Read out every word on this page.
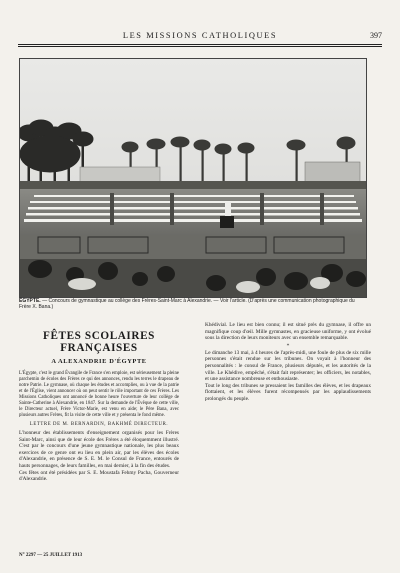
LES MISSIONS CATHOLIQUES	397
ÉGYPTE. — Concours de gymnastique au collège des Frères-Saint-Marc à Alexandrie. — Voir l'article. (D'après une communication photographique du Frère X. Bana.)
FÊTES SCOLAIRES FRANÇAISES
A ALEXANDRIE D'ÉGYPTE

L'Égypte, c'est le grand Évangile de France s'en emploie, est sérieusement la pleine parchemin de écoles des Frères ce qui des annonces, rendu les terres le drapeau de notre Patrie. Le gymnase, où chaque les études et accomplies, ou à vue de la patrie et de l'Église, vient annoncer où on peut sentir le rôle important de ces Frères. Les Missions Catholiques ont annoncé de bonne heure l'ouverture de leur collège de Sainte-Catherine à Alexandrie, en 1847. Sur la demande de l'Évêque de cette ville, le Directeur actuel, Frère Victor-Marie, est venu en aide; le Père Bana, avec plusieurs autres Frères, fit la visite de cette ville et y présenta le fond même.

LETTRE DE M. BERNARDIN, BAKHMÉ DIRECTEUR.

L'honneur des établissements d'enseignement organisés pour les Frères Saint-Marc, ainsi que de leur école des Frères a été éloquemment illustré. C'est par le concours d'une jeune gymnastique nationale, les plus beaux exercices de ce genre ont eu lieu en plein air, par les élèves des écoles d'Alexandrie, en présence de S. E. M. le Consul de France, entourés de hauts personnages, de leurs familles, en mai dernier, à la fin des études.

Ces fêtes ont été présidées par S. E. Moustafa Fehmy Pacha, Gouverneur d'Alexandrie.

Khédivial. Le lieu est bien connu; il est situé près du gymnase, il offre un magnifique coup d'œil. Mille gymnastes, en gracieuse uniforme, y ont évolué sous la direction de leurs moniteurs avec un ensemble remarquable.

*

Le dimanche 13 mai, à 4 heures de l'après-midi, une foule de plus de six mille personnes s'était rendue sur les tribunes. On voyait à l'honneur des personnalités : le consul de France, plusieurs députés, et les autorités de la ville. Le Khédive, empêché, s'était fait représenter; les officiers, les notables, et une assistance nombreuse et enthousiaste.

Tout le long des tribunes se pressaient les familles des élèves, et les drapeaux flottaient, et les élèves furent récompensés par les applaudissements prolongés du peuple.

N° 2297 — 25 JUILLET 1913
